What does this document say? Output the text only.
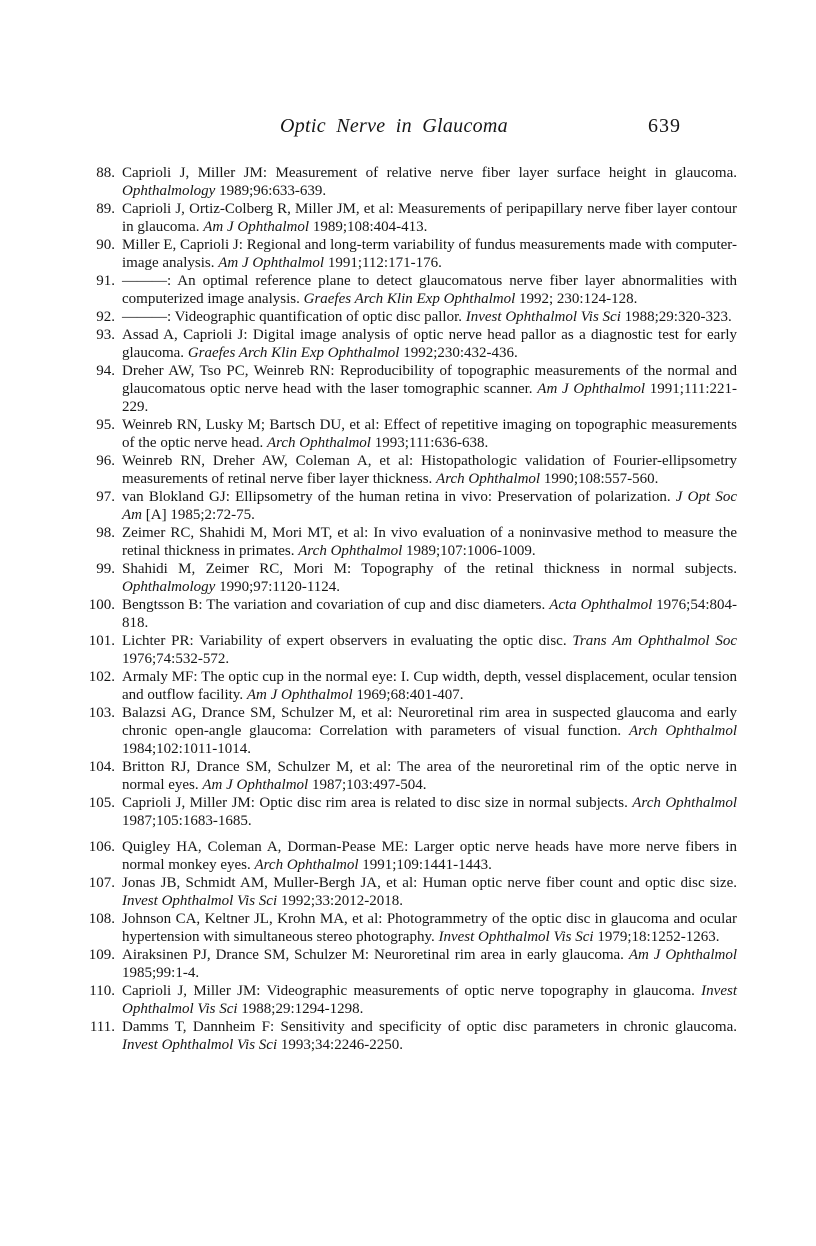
Optic Nerve in Glaucoma	639
88. Caprioli J, Miller JM: Measurement of relative nerve fiber layer surface height in glaucoma. Ophthalmology 1989;96:633-639.
89. Caprioli J, Ortiz-Colberg R, Miller JM, et al: Measurements of peripapillary nerve fiber layer contour in glaucoma. Am J Ophthalmol 1989;108:404-413.
90. Miller E, Caprioli J: Regional and long-term variability of fundus measurements made with computer-image analysis. Am J Ophthalmol 1991;112:171-176.
91. ———: An optimal reference plane to detect glaucomatous nerve fiber layer abnormalities with computerized image analysis. Graefes Arch Klin Exp Ophthalmol 1992; 230:124-128.
92. ———: Videographic quantification of optic disc pallor. Invest Ophthalmol Vis Sci 1988;29:320-323.
93. Assad A, Caprioli J: Digital image analysis of optic nerve head pallor as a diagnostic test for early glaucoma. Graefes Arch Klin Exp Ophthalmol 1992;230:432-436.
94. Dreher AW, Tso PC, Weinreb RN: Reproducibility of topographic measurements of the normal and glaucomatous optic nerve head with the laser tomographic scanner. Am J Ophthalmol 1991;111:221-229.
95. Weinreb RN, Lusky M; Bartsch DU, et al: Effect of repetitive imaging on topographic measurements of the optic nerve head. Arch Ophthalmol 1993;111:636-638.
96. Weinreb RN, Dreher AW, Coleman A, et al: Histopathologic validation of Fourier-ellipsometry measurements of retinal nerve fiber layer thickness. Arch Ophthalmol 1990;108:557-560.
97. van Blokland GJ: Ellipsometry of the human retina in vivo: Preservation of polarization. J Opt Soc Am [A] 1985;2:72-75.
98. Zeimer RC, Shahidi M, Mori MT, et al: In vivo evaluation of a noninvasive method to measure the retinal thickness in primates. Arch Ophthalmol 1989;107:1006-1009.
99. Shahidi M, Zeimer RC, Mori M: Topography of the retinal thickness in normal subjects. Ophthalmology 1990;97:1120-1124.
100. Bengtsson B: The variation and covariation of cup and disc diameters. Acta Ophthalmol 1976;54:804-818.
101. Lichter PR: Variability of expert observers in evaluating the optic disc. Trans Am Ophthalmol Soc 1976;74:532-572.
102. Armaly MF: The optic cup in the normal eye: I. Cup width, depth, vessel displacement, ocular tension and outflow facility. Am J Ophthalmol 1969;68:401-407.
103. Balazsi AG, Drance SM, Schulzer M, et al: Neuroretinal rim area in suspected glaucoma and early chronic open-angle glaucoma: Correlation with parameters of visual function. Arch Ophthalmol 1984;102:1011-1014.
104. Britton RJ, Drance SM, Schulzer M, et al: The area of the neuroretinal rim of the optic nerve in normal eyes. Am J Ophthalmol 1987;103:497-504.
105. Caprioli J, Miller JM: Optic disc rim area is related to disc size in normal subjects. Arch Ophthalmol 1987;105:1683-1685.
106. Quigley HA, Coleman A, Dorman-Pease ME: Larger optic nerve heads have more nerve fibers in normal monkey eyes. Arch Ophthalmol 1991;109:1441-1443.
107. Jonas JB, Schmidt AM, Muller-Bergh JA, et al: Human optic nerve fiber count and optic disc size. Invest Ophthalmol Vis Sci 1992;33:2012-2018.
108. Johnson CA, Keltner JL, Krohn MA, et al: Photogrammetry of the optic disc in glaucoma and ocular hypertension with simultaneous stereo photography. Invest Ophthalmol Vis Sci 1979;18:1252-1263.
109. Airaksinen PJ, Drance SM, Schulzer M: Neuroretinal rim area in early glaucoma. Am J Ophthalmol 1985;99:1-4.
110. Caprioli J, Miller JM: Videographic measurements of optic nerve topography in glaucoma. Invest Ophthalmol Vis Sci 1988;29:1294-1298.
111. Damms T, Dannheim F: Sensitivity and specificity of optic disc parameters in chronic glaucoma. Invest Ophthalmol Vis Sci 1993;34:2246-2250.
